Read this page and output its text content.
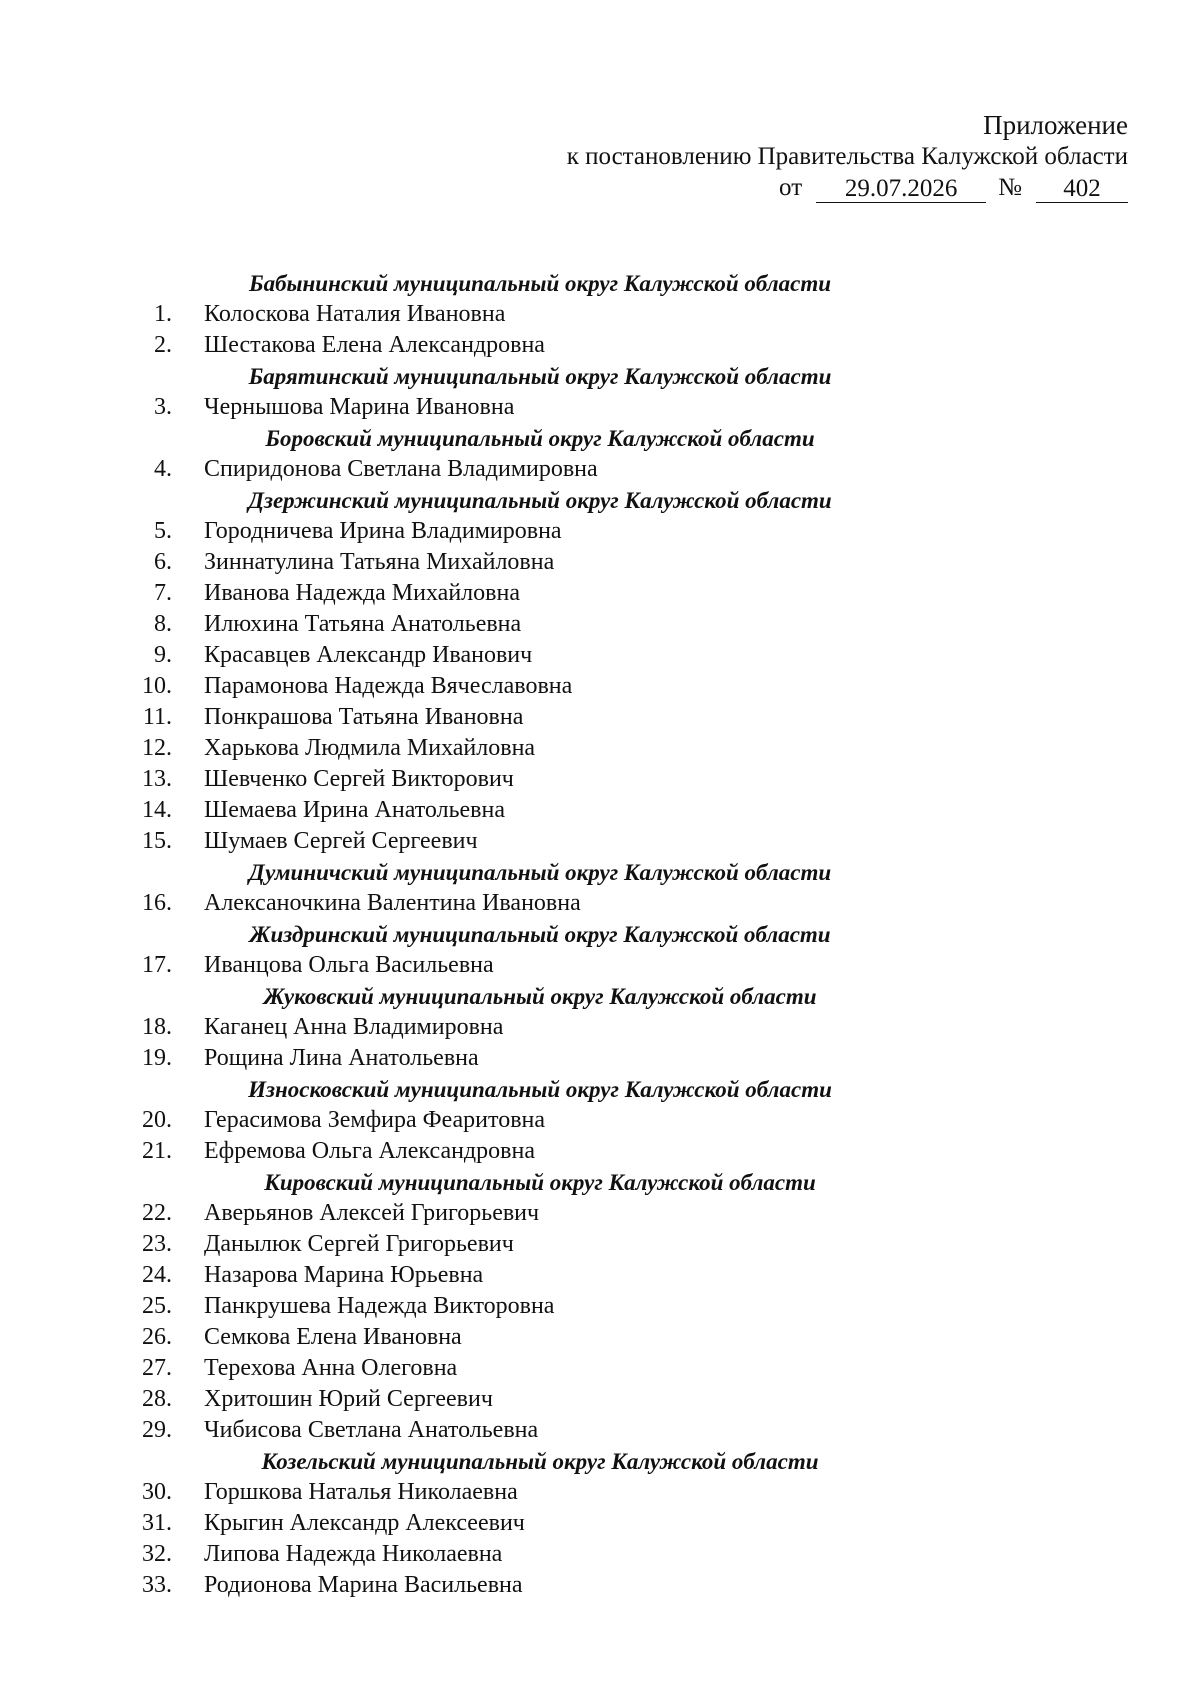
Приложение
к постановлению Правительства Калужской области
от	29.07.2026	№	402
Бабынинский муниципальный округ Калужской области
1. Колоскова Наталия Ивановна
2. Шестакова Елена Александровна
Барятинский муниципальный округ Калужской области
3. Чернышова Марина Ивановна
Боровский муниципальный округ Калужской области
4. Спиридонова Светлана Владимировна
Дзержинский муниципальный округ Калужской области
5. Городничева Ирина Владимировна
6. Зиннатулина Татьяна Михайловна
7. Иванова Надежда Михайловна
8. Илюхина Татьяна Анатольевна
9. Красавцев Александр Иванович
10. Парамонова Надежда Вячеславовна
11. Понкрашова Татьяна Ивановна
12. Харькова Людмила Михайловна
13. Шевченко Сергей Викторович
14. Шемаева Ирина Анатольевна
15. Шумаев Сергей Сергеевич
Думиничский муниципальный округ Калужской области
16. Алексаночкина Валентина Ивановна
Жиздринский муниципальный округ Калужской области
17. Иванцова Ольга Васильевна
Жуковский муниципальный округ Калужской области
18. Каганец Анна Владимировна
19. Рощина Лина Анатольевна
Износковский муниципальный округ Калужской области
20. Герасимова Земфира Феаритовна
21. Ефремова Ольга Александровна
Кировский муниципальный округ Калужской области
22. Аверьянов Алексей Григорьевич
23. Данылюк Сергей Григорьевич
24. Назарова Марина Юрьевна
25. Панкрушева Надежда Викторовна
26. Семкова Елена Ивановна
27. Терехова Анна Олеговна
28. Хритошин Юрий Сергеевич
29. Чибисова Светлана Анатольевна
Козельский муниципальный округ Калужской области
30. Горшкова Наталья Николаевна
31. Крыгин Александр Алексеевич
32. Липова Надежда Николаевна
33. Родионова Марина Васильевна
